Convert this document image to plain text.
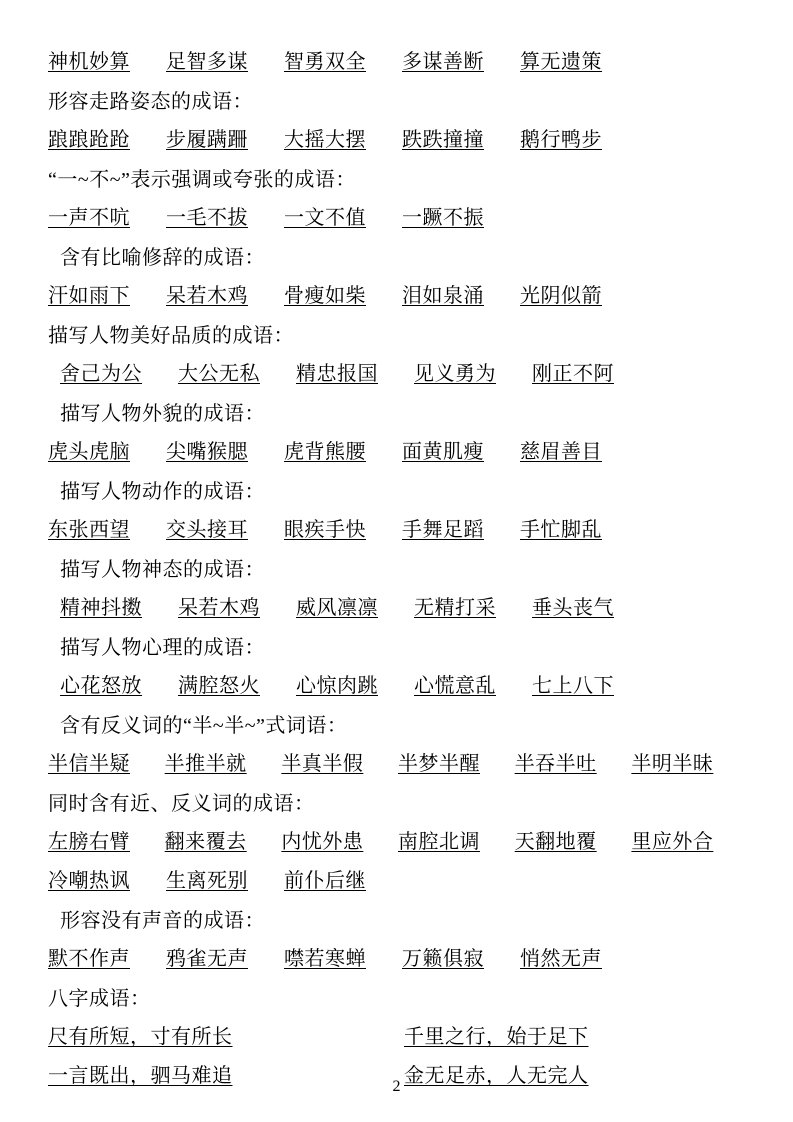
神机妙算	足智多谋	智勇双全	多谋善断	算无遗策
形容走路姿态的成语：
踉踉跄跄	步履蹒跚	大摇大摆	跌跌撞撞	鹅行鸭步
“一~不~”表示强调或夸张的成语：
一声不吭	一毛不拔	一文不值	一蹶不振
含有比喻修辞的成语：
汗如雨下	呆若木鸡	骨瘦如柴	泪如泉涌	光阴似箭
描写人物美好品质的成语：
舍己为公	大公无私	精忠报国	见义勇为	刚正不阿
描写人物外貌的成语：
虎头虎脑	尖嘴猴腮	虎背熊腰	面黄肌瘦	慈眉善目
描写人物动作的成语：
东张西望	交头接耳	眼疾手快	手舞足蹈	手忙脚乱
描写人物神态的成语：
精神抖擞	呆若木鸡	威风凛凛	无精打采	垂头丧气
描写人物心理的成语：
心花怒放	满腔怒火	心惊肉跳	心慌意乱	七上八下
含有反义词的“半~半~”式词语：
半信半疑	半推半就	半真半假	半梦半醒	半吞半吐	半明半昧
同时含有近、反义词的成语：
左膀右臂	翻来覆去	内忧外患	南腔北调	天翻地覆	里应外合
冷嘲热讽	生离死别	前仆后继
形容没有声音的成语：
默不作声	鸦雀无声	噤若寒蝉	万籁俱寂	悄然无声
八字成语：
尺有所短，寸有所长	千里之行，始于足下
一言既出，驷马难追	金无足赤，人无完人
2
